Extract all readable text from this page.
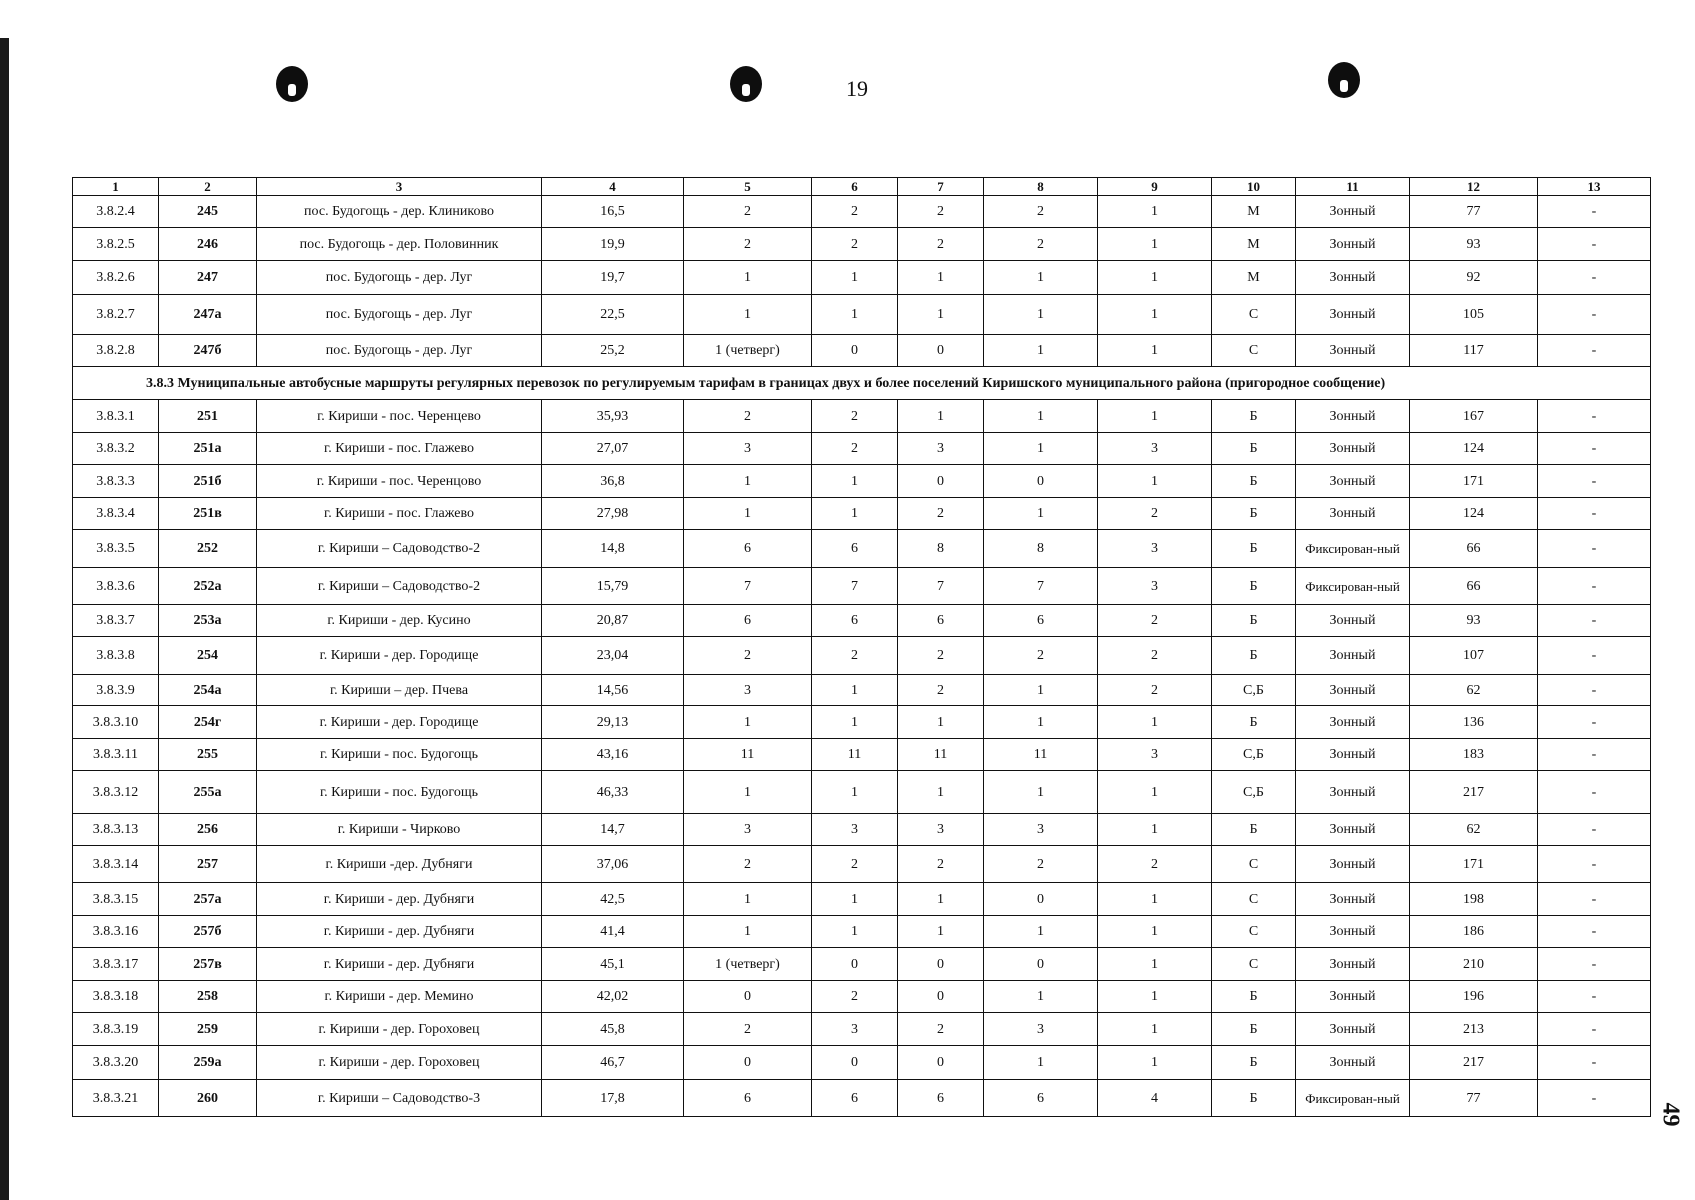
19
49
1	2	3	4	5	6	7	8	9	10	11	12	13
3.8.2.4	245	пос. Будогощь - дер. Клиниково	16,5	2	2	2	2	1	М	Зонный	77	-
3.8.2.5	246	пос. Будогощь - дер. Половинник	19,9	2	2	2	2	1	М	Зонный	93	-
3.8.2.6	247	пос. Будогощь - дер. Луг	19,7	1	1	1	1	1	М	Зонный	92	-
3.8.2.7	247а	пос. Будогощь - дер. Луг	22,5	1	1	1	1	1	С	Зонный	105	-
3.8.2.8	247б	пос. Будогощь - дер. Луг	25,2	1 (четверг)	0	0	1	1	С	Зонный	117	-
3.8.3 Муниципальные автобусные маршруты регулярных перевозок по регулируемым тарифам в границах двух и более поселений Киришского муниципального района (пригородное сообщение)												
3.8.3.1	251	г. Кириши - пос. Черенцево	35,93	2	2	1	1	1	Б	Зонный	167	-
3.8.3.2	251а	г. Кириши - пос. Глажево	27,07	3	2	3	1	3	Б	Зонный	124	-
3.8.3.3	251б	г. Кириши - пос. Черенцово	36,8	1	1	0	0	1	Б	Зонный	171	-
3.8.3.4	251в	г. Кириши - пос. Глажево	27,98	1	1	2	1	2	Б	Зонный	124	-
3.8.3.5	252	г. Кириши – Садоводство-2	14,8	6	6	8	8	3	Б	Фиксирован-ный	66	-
3.8.3.6	252а	г. Кириши – Садоводство-2	15,79	7	7	7	7	3	Б	Фиксирован-ный	66	-
3.8.3.7	253а	г. Кириши - дер. Кусино	20,87	6	6	6	6	2	Б	Зонный	93	-
3.8.3.8	254	г. Кириши - дер. Городище	23,04	2	2	2	2	2	Б	Зонный	107	-
3.8.3.9	254а	г. Кириши – дер. Пчева	14,56	3	1	2	1	2	С,Б	Зонный	62	-
3.8.3.10	254г	г. Кириши - дер. Городище	29,13	1	1	1	1	1	Б	Зонный	136	-
3.8.3.11	255	г. Кириши - пос. Будогощь	43,16	11	11	11	11	3	С,Б	Зонный	183	-
3.8.3.12	255а	г. Кириши - пос. Будогощь	46,33	1	1	1	1	1	С,Б	Зонный	217	-
3.8.3.13	256	г. Кириши - Чирково	14,7	3	3	3	3	1	Б	Зонный	62	-
3.8.3.14	257	г. Кириши -дер. Дубняги	37,06	2	2	2	2	2	С	Зонный	171	-
3.8.3.15	257а	г. Кириши - дер. Дубняги	42,5	1	1	1	0	1	С	Зонный	198	-
3.8.3.16	257б	г. Кириши - дер. Дубняги	41,4	1	1	1	1	1	С	Зонный	186	-
3.8.3.17	257в	г. Кириши - дер. Дубняги	45,1	1 (четверг)	0	0	0	1	С	Зонный	210	-
3.8.3.18	258	г. Кириши - дер. Мемино	42,02	0	2	0	1	1	Б	Зонный	196	-
3.8.3.19	259	г. Кириши - дер. Гороховец	45,8	2	3	2	3	1	Б	Зонный	213	-
3.8.3.20	259а	г. Кириши - дер. Гороховец	46,7	0	0	0	1	1	Б	Зонный	217	-
3.8.3.21	260	г. Кириши – Садоводство-3	17,8	6	6	6	6	4	Б	Фиксирован-ный	77	-
